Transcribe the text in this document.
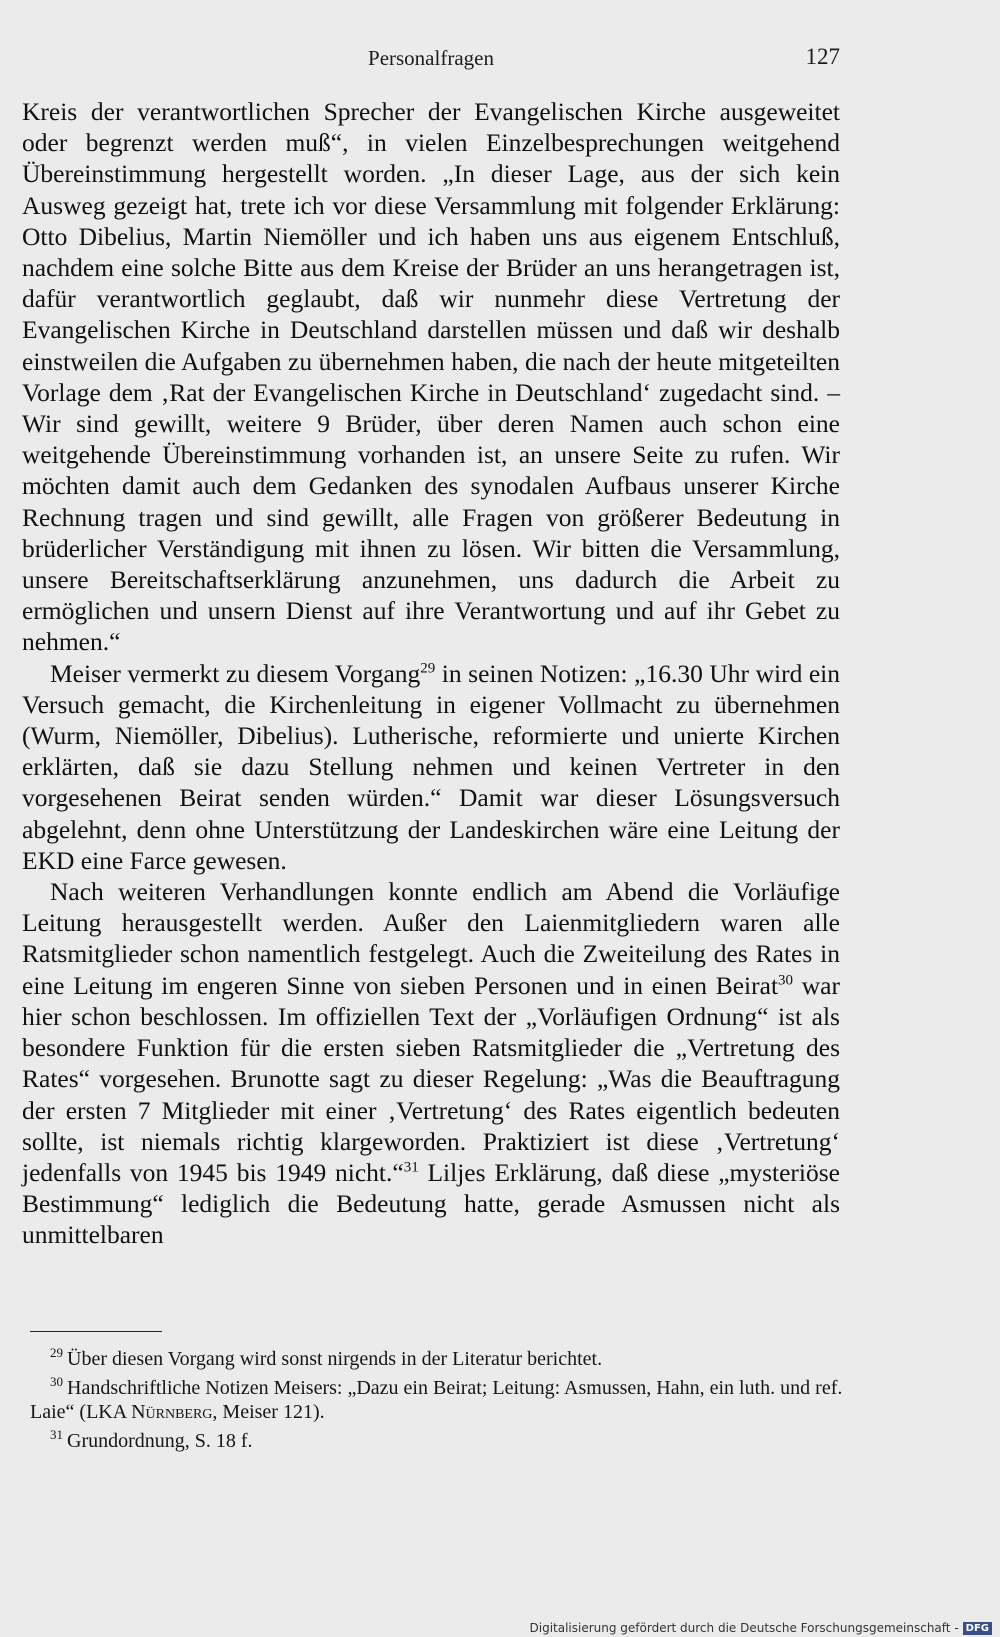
Personalfragen	127

Kreis der verantwortlichen Sprecher der Evangelischen Kirche ausgeweitet oder begrenzt werden muß“, in vielen Einzelbesprechungen weitgehend Übereinstimmung hergestellt worden. „In dieser Lage, aus der sich kein Ausweg gezeigt hat, trete ich vor diese Versammlung mit folgender Erklärung: Otto Dibelius, Martin Niemöller und ich haben uns aus eigenem Entschluß, nachdem eine solche Bitte aus dem Kreise der Brüder an uns herangetragen ist, dafür verantwortlich geglaubt, daß wir nunmehr diese Vertretung der Evangelischen Kirche in Deutschland darstellen müssen und daß wir deshalb einstweilen die Aufgaben zu übernehmen haben, die nach der heute mitgeteilten Vorlage dem ‚Rat der Evangelischen Kirche in Deutschland‘ zugedacht sind. – Wir sind gewillt, weitere 9 Brüder, über deren Namen auch schon eine weitgehende Übereinstimmung vorhanden ist, an unsere Seite zu rufen. Wir möchten damit auch dem Gedanken des synodalen Aufbaus unserer Kirche Rechnung tragen und sind gewillt, alle Fragen von größerer Bedeutung in brüderlicher Verständigung mit ihnen zu lösen. Wir bitten die Versammlung, unsere Bereitschaftserklärung anzunehmen, uns dadurch die Arbeit zu ermöglichen und unsern Dienst auf ihre Verantwortung und auf ihr Gebet zu nehmen.“

Meiser vermerkt zu diesem Vorgang$^{29}$ in seinen Notizen: „16.30 Uhr wird ein Versuch gemacht, die Kirchenleitung in eigener Vollmacht zu übernehmen (Wurm, Niemöller, Dibelius). Lutherische, reformierte und unierte Kirchen erklärten, daß sie dazu Stellung nehmen und keinen Vertreter in den vorgesehenen Beirat senden würden.“ Damit war dieser Lösungsversuch abgelehnt, denn ohne Unterstützung der Landeskirchen wäre eine Leitung der EKD eine Farce gewesen.

Nach weiteren Verhandlungen konnte endlich am Abend die Vorläufige Leitung herausgestellt werden. Außer den Laienmitgliedern waren alle Ratsmitglieder schon namentlich festgelegt. Auch die Zweiteilung des Rates in eine Leitung im engeren Sinne von sieben Personen und in einen Beirat$^{30}$ war hier schon beschlossen. Im offiziellen Text der „Vorläufigen Ordnung“ ist als besondere Funktion für die ersten sieben Ratsmitglieder die „Vertretung des Rates“ vorgesehen. Brunotte sagt zu dieser Regelung: „Was die Beauftragung der ersten 7 Mitglieder mit einer ‚Vertretung‘ des Rates eigentlich bedeuten sollte, ist niemals richtig klargeworden. Praktiziert ist diese ‚Vertretung‘ jedenfalls von 1945 bis 1949 nicht.“$^{31}$ Liljes Erklärung, daß diese „mysteriöse Bestimmung“ lediglich die Bedeutung hatte, gerade Asmussen nicht als unmittelbaren

$^{29}$ Über diesen Vorgang wird sonst nirgends in der Literatur berichtet.

$^{30}$ Handschriftliche Notizen Meisers: „Dazu ein Beirat; Leitung: Asmussen, Hahn, ein luth. und ref. Laie“ (LKA Nürnberg, Meiser 121).

$^{31}$ Grundordnung, S. 18 f.

Digitalisierung gefördert durch die Deutsche Forschungsgemeinschaft - DFG
